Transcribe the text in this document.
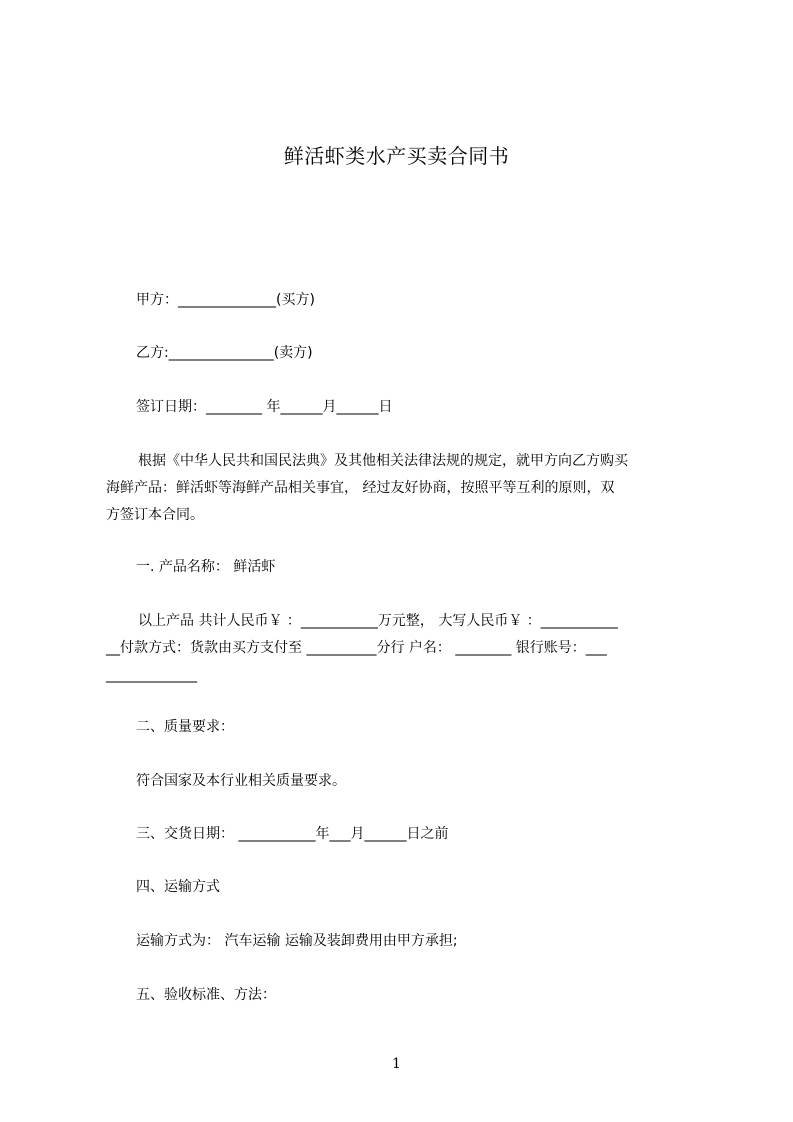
鲜活虾类水产买卖合同书
甲方：______________(买方)
乙方:_______________(卖方)
签订日期：________ 年______月______日
根据《中华人民共和国民法典》及其他相关法律法规的规定，就甲方向乙方购买
海鲜产品：鲜活虾等海鲜产品相关事宜， 经过友好协商，按照平等互利的原则，双
方签订本合同。
一. 产品名称： 鲜活虾
以上产品 共计人民币￥ ：___________万元整， 大写人民币￥ ：___________
__付款方式：货款由买方支付至 __________分行 户名： ________ 银行账号：___
_____________
二、质量要求：
符合国家及本行业相关质量要求。
三、交货日期： ___________年___月______日之前
四、运输方式
运输方式为： 汽车运输 运输及装卸费用由甲方承担;
五、验收标准、方法：
1
